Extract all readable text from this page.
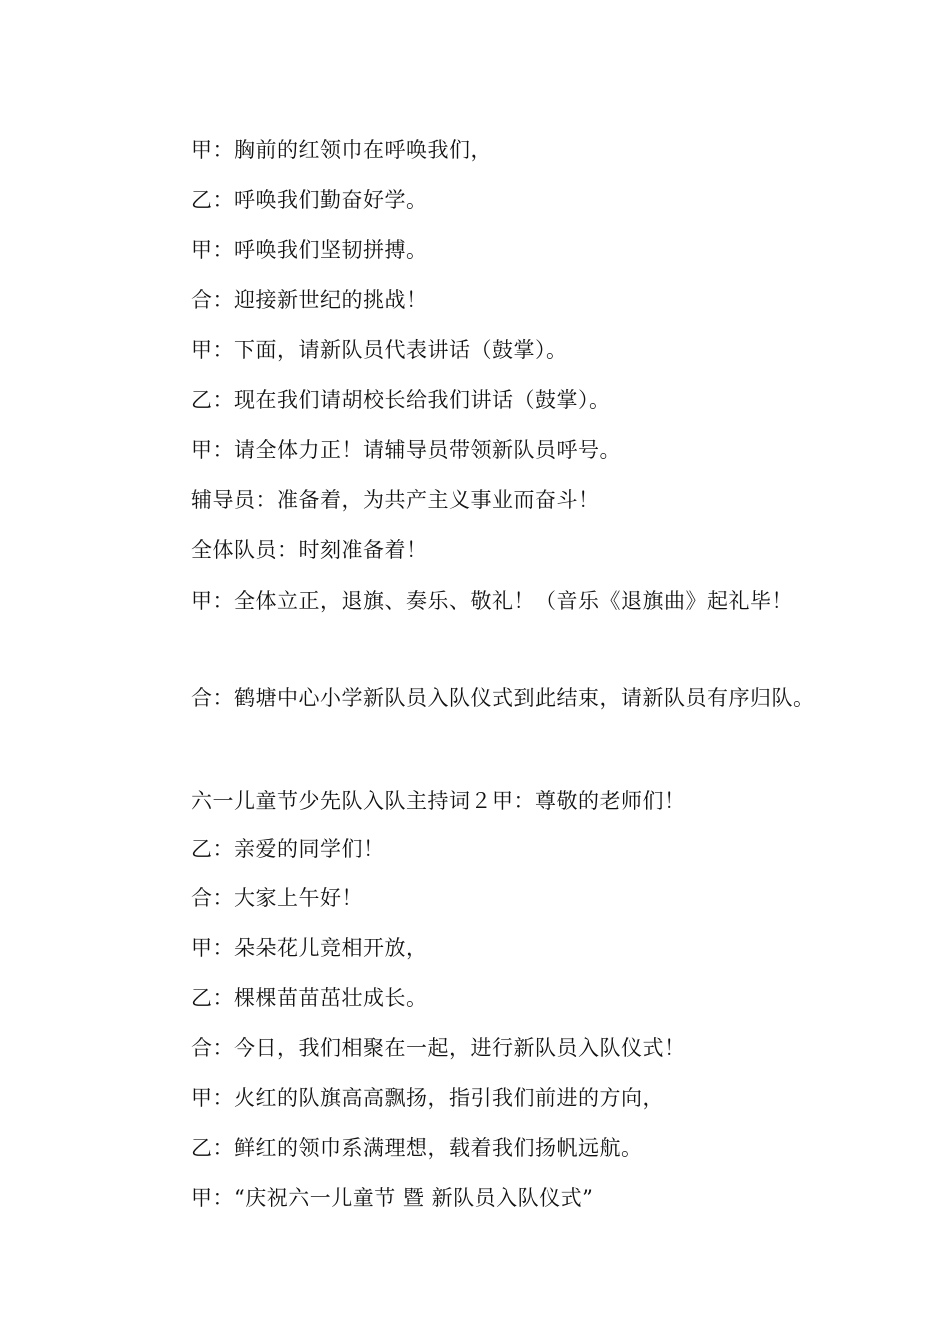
甲：胸前的红领巾在呼唤我们，
乙：呼唤我们勤奋好学。
甲：呼唤我们坚韧拼搏。
合：迎接新世纪的挑战！
甲：下面，请新队员代表讲话（鼓掌）。
乙：现在我们请胡校长给我们讲话（鼓掌）。
甲：请全体力正！请辅导员带领新队员呼号。
辅导员：准备着，为共产主义事业而奋斗！
全体队员：时刻准备着！
甲：全体立正，退旗、奏乐、敬礼！（音乐《退旗曲》起礼毕！
合：鹤塘中心小学新队员入队仪式到此结束，请新队员有序归队。
六一儿童节少先队入队主持词２甲：尊敬的老师们！
乙：亲爱的同学们！
合：大家上午好！
甲：朵朵花儿竞相开放，
乙：棵棵苗苗茁壮成长。
合：今日，我们相聚在一起，进行新队员入队仪式！
甲：火红的队旗高高飘扬，指引我们前进的方向，
乙：鲜红的领巾系满理想，载着我们扬帆远航。
甲：“庆祝六一儿童节 暨 新队员入队仪式”
